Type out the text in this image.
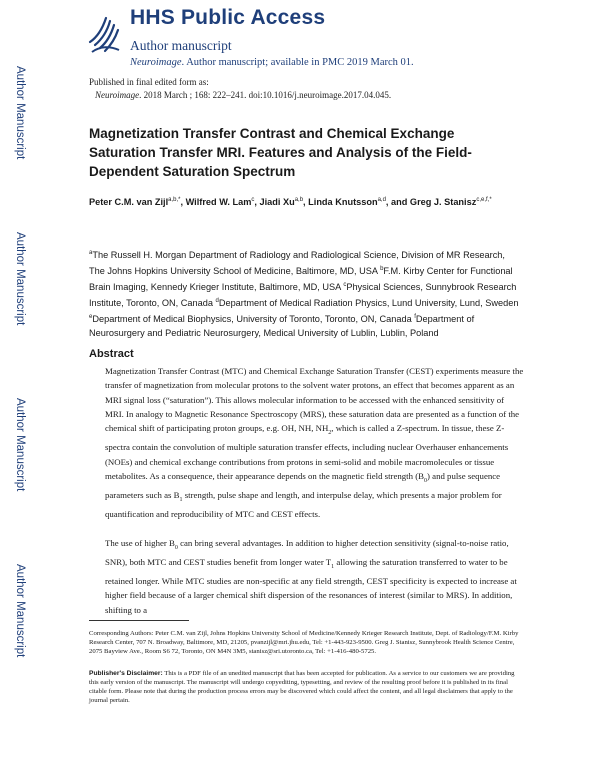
Author Manuscript
Author Manuscript
Author Manuscript
Author Manuscript
HHS Public Access
Author manuscript
Neuroimage. Author manuscript; available in PMC 2019 March 01.
Published in final edited form as:
Neuroimage. 2018 March ; 168: 222–241. doi:10.1016/j.neuroimage.2017.04.045.
Magnetization Transfer Contrast and Chemical Exchange Saturation Transfer MRI. Features and Analysis of the Field-Dependent Saturation Spectrum
Peter C.M. van Zijl$^{a,b,*}$, Wilfred W. Lam$^c$, Jiadi Xu$^{a,b}$, Linda Knutsson$^{a,d}$, and Greg J. Stanisz$^{c,e,f,*}$
$^a$The Russell H. Morgan Department of Radiology and Radiological Science, Division of MR Research, The Johns Hopkins University School of Medicine, Baltimore, MD, USA $^b$F.M. Kirby Center for Functional Brain Imaging, Kennedy Krieger Institute, Baltimore, MD, USA $^c$Physical Sciences, Sunnybrook Research Institute, Toronto, ON, Canada $^d$Department of Medical Radiation Physics, Lund University, Lund, Sweden $^e$Department of Medical Biophysics, University of Toronto, Toronto, ON, Canada $^f$Department of Neurosurgery and Pediatric Neurosurgery, Medical University of Lublin, Lublin, Poland
Abstract
Magnetization Transfer Contrast (MTC) and Chemical Exchange Saturation Transfer (CEST) experiments measure the transfer of magnetization from molecular protons to the solvent water protons, an effect that becomes apparent as an MRI signal loss (“saturation”). This allows molecular information to be accessed with the enhanced sensitivity of MRI. In analogy to Magnetic Resonance Spectroscopy (MRS), these saturation data are presented as a function of the chemical shift of participating proton groups, e.g. OH, NH, $NH_2$, which is called a Z-spectrum. In tissue, these Z-spectra contain the convolution of multiple saturation transfer effects, including nuclear Overhauser enhancements (NOEs) and chemical exchange contributions from protons in semi-solid and mobile macromolecules or tissue metabolites. As a consequence, their appearance depends on the magnetic field strength $(B_0)$ and pulse sequence parameters such as $B_1$ strength, pulse shape and length, and interpulse delay, which presents a major problem for quantification and reproducibility of MTC and CEST effects.
The use of higher $B_0$ can bring several advantages. In addition to higher detection sensitivity (signal-to-noise ratio, SNR), both MTC and CEST studies benefit from longer water $T_1$ allowing the saturation transferred to water to be retained longer. While MTC studies are non-specific at any field strength, CEST specificity is expected to increase at higher field because of a larger chemical shift dispersion of the resonances of interest (similar to MRS). In addition, shifting to a
Corresponding Authors: Peter C.M. van Zijl, Johns Hopkins University School of Medicine/Kennedy Krieger Research Institute, Dept. of Radiology/F.M. Kirby Research Center, 707 N. Broadway, Baltimore, MD, 21205, pvanzijl@mri.jhu.edu, Tel: +1-443-923-9500. Greg J. Stanisz, Sunnybrook Health Science Centre, 2075 Bayview Ave., Room S6 72, Toronto, ON M4N 3M5, stanisz@sri.utoronto.ca, Tel: +1-416-480-5725.
Publisher's Disclaimer: This is a PDF file of an unedited manuscript that has been accepted for publication. As a service to our customers we are providing this early version of the manuscript. The manuscript will undergo copyediting, typesetting, and review of the resulting proof before it is published in its final citable form. Please note that during the production process errors may be discovered which could affect the content, and all legal disclaimers that apply to the journal pertain.
